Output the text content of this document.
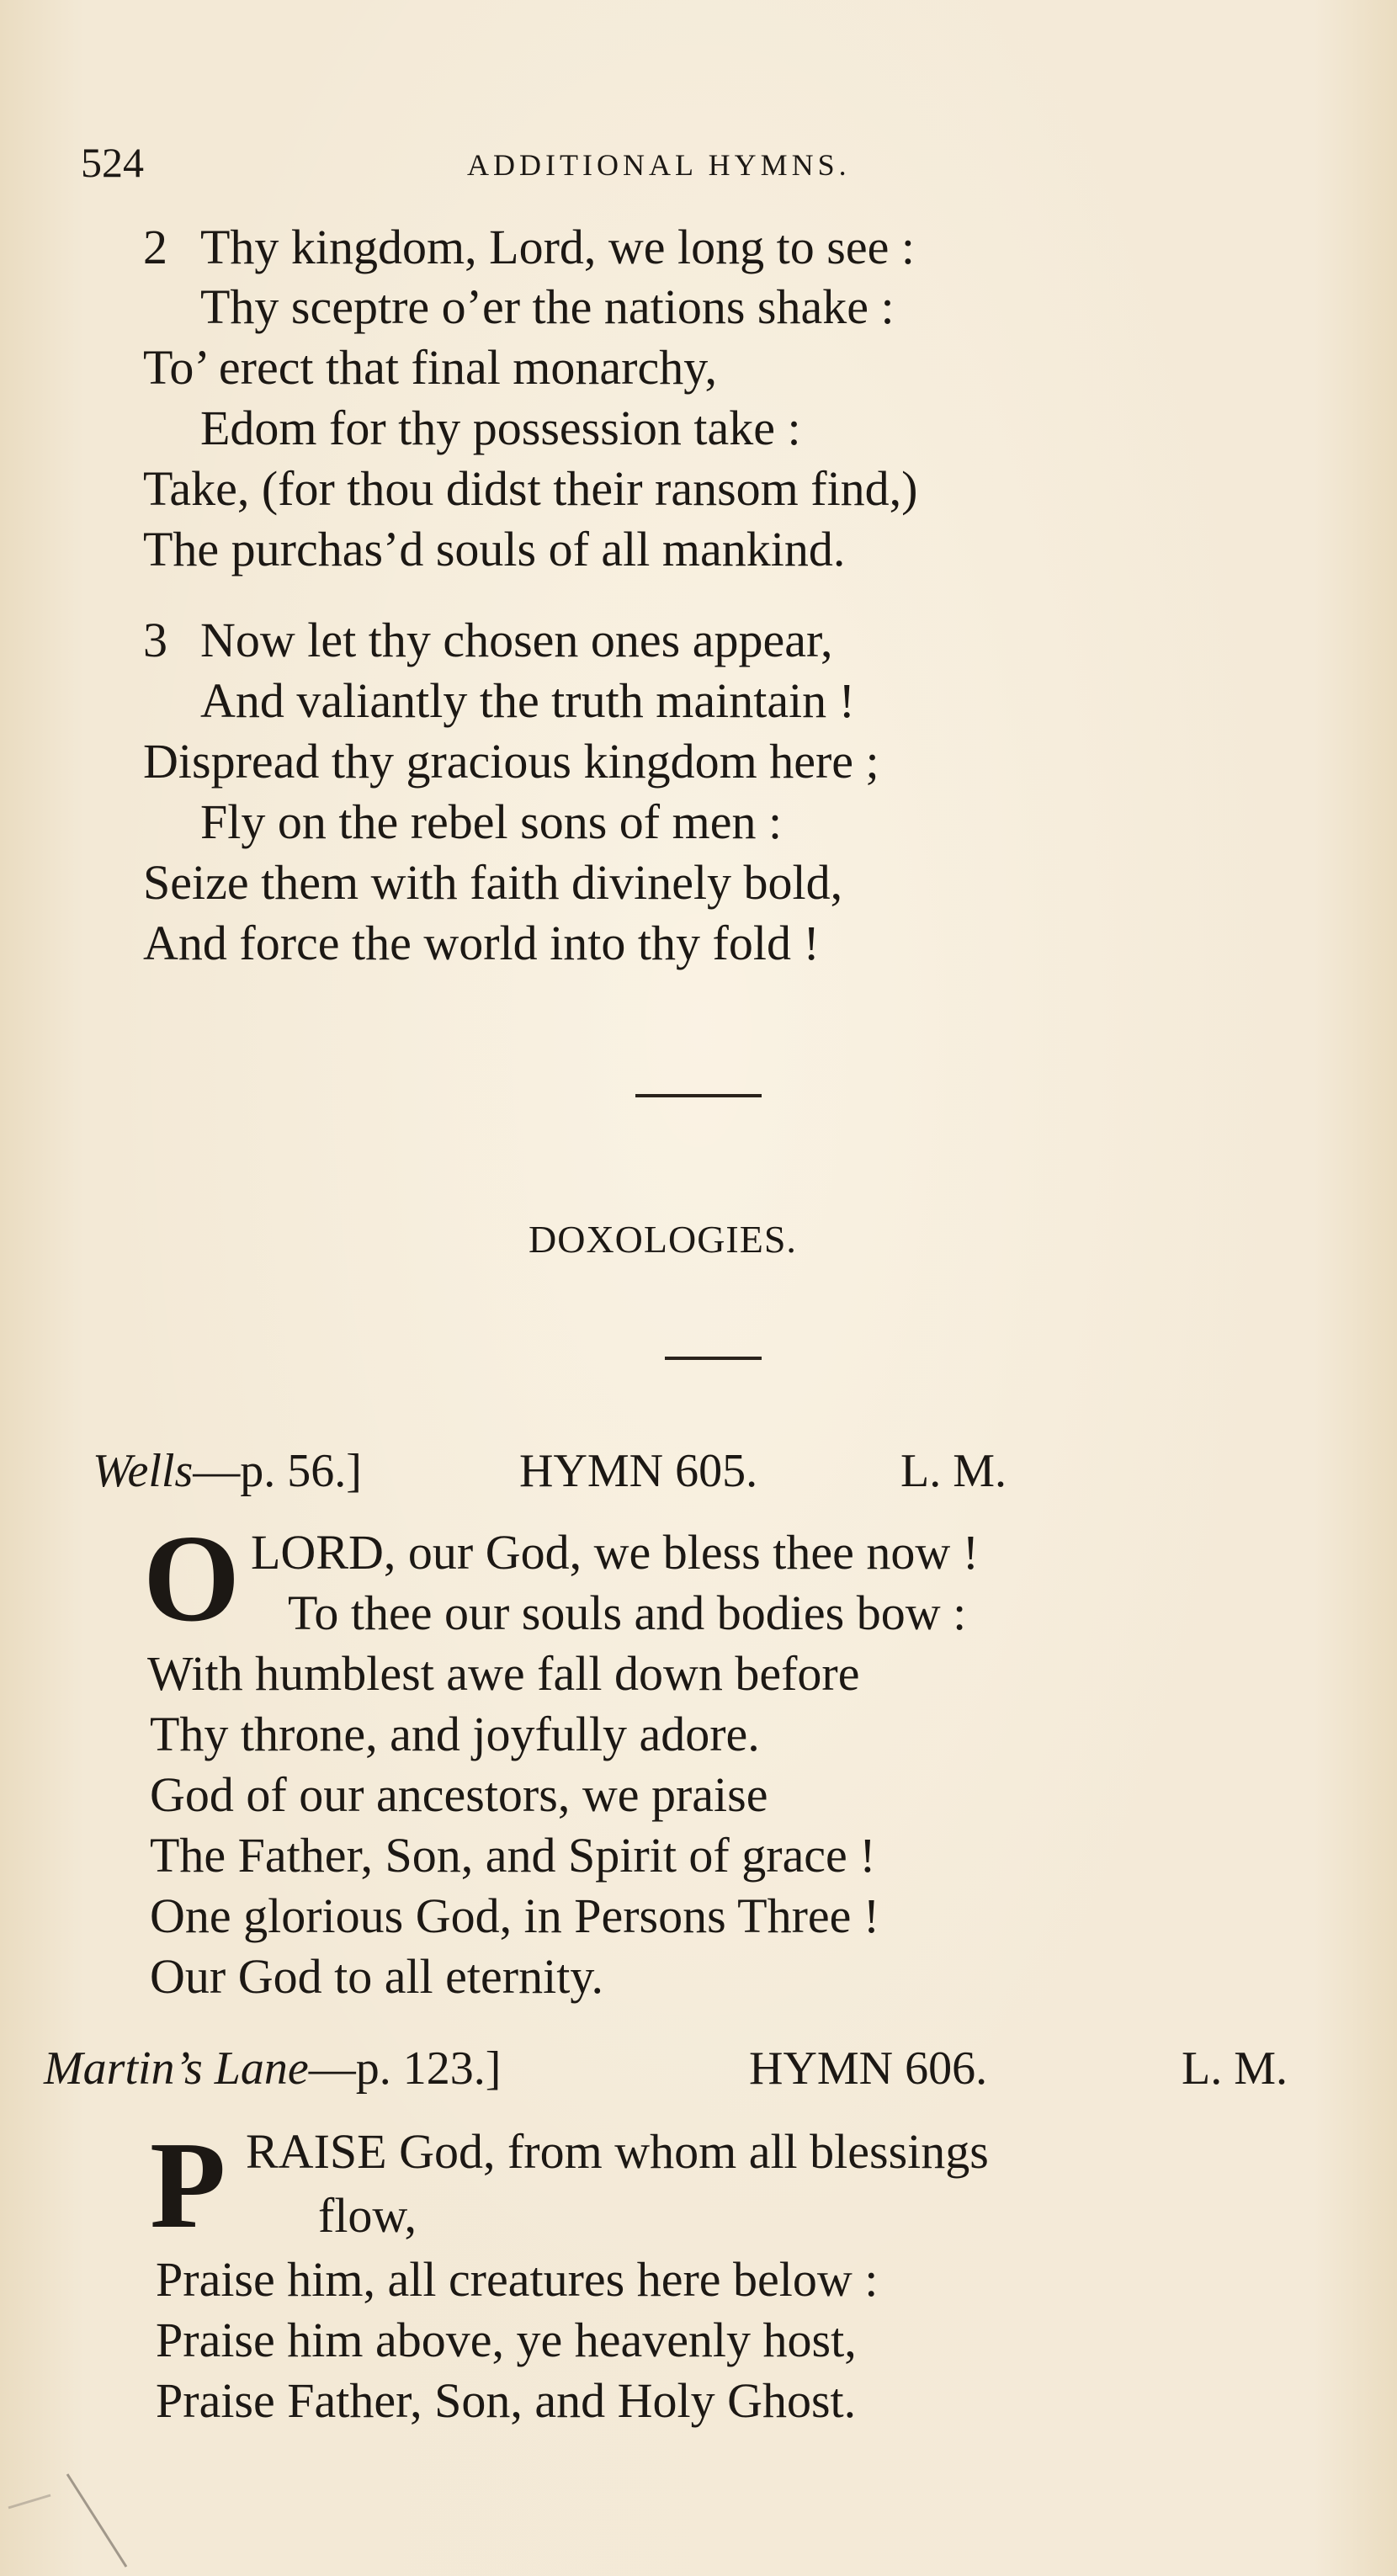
524	ADDITIONAL HYMNS.
2 Thy kingdom, Lord, we long to see :
Thy sceptre o’er the nations shake :
To’ erect that final monarchy,
Edom for thy possession take :
Take, (for thou didst their ransom find,)
The purchas’d souls of all mankind.
3 Now let thy chosen ones appear,
And valiantly the truth maintain !
Dispread thy gracious kingdom here ;
Fly on the rebel sons of men :
Seize them with faith divinely bold,
And force the world into thy fold !
DOXOLOGIES.
Wells—p. 56.]	HYMN 605.	L. M.
O LORD, our God, we bless thee now !
To thee our souls and bodies bow :
With humblest awe fall down before
Thy throne, and joyfully adore.
God of our ancestors, we praise
The Father, Son, and Spirit of grace !
One glorious God, in Persons Three !
Our God to all eternity.
Martin’s Lane—p. 123.]	HYMN 606.	L. M.
P RAISE God, from whom all blessings
flow,
Praise him, all creatures here below :
Praise him above, ye heavenly host,
Praise Father, Son, and Holy Ghost.
